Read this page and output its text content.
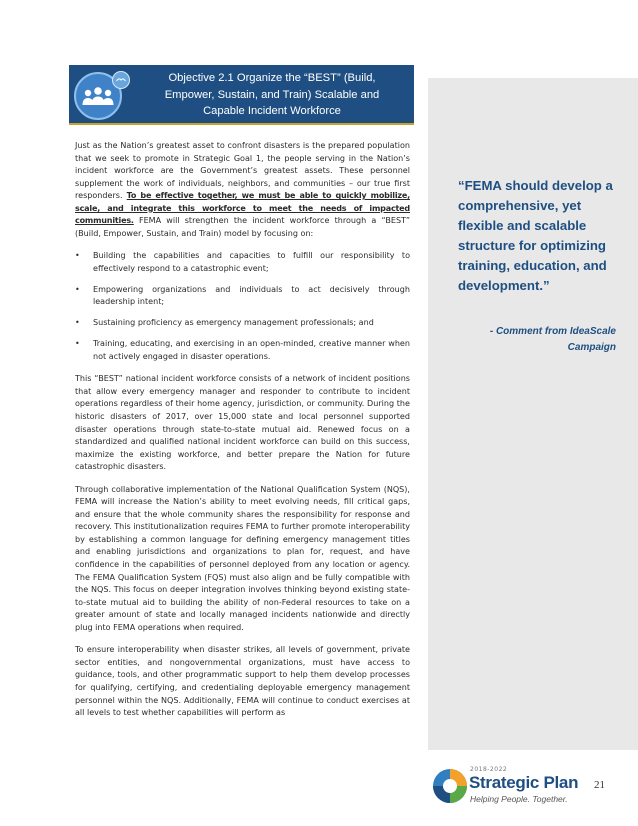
Objective 2.1 Organize the “BEST” (Build, Empower, Sustain, and Train) Scalable and Capable Incident Workforce

Just as the Nation’s greatest asset to confront disasters is the prepared population that we seek to promote in Strategic Goal 1, the people serving in the Nation’s incident workforce are the Government’s greatest assets. These personnel supplement the work of individuals, neighbors, and communities – our true first responders. To be effective together, we must be able to quickly mobilize, scale, and integrate this workforce to meet the needs of impacted communities. FEMA will strengthen the incident workforce through a “BEST” (Build, Empower, Sustain, and Train) model by focusing on:

• Building the capabilities and capacities to fulfill our responsibility to effectively respond to a catastrophic event;
• Empowering organizations and individuals to act decisively through leadership intent;
• Sustaining proficiency as emergency management professionals; and
• Training, educating, and exercising in an open-minded, creative manner when not actively engaged in disaster operations.

This “BEST” national incident workforce consists of a network of incident positions that allow every emergency manager and responder to contribute to incident operations regardless of their home agency, jurisdiction, or community. During the historic disasters of 2017, over 15,000 state and local personnel supported disaster operations through state-to-state mutual aid. Renewed focus on a standardized and qualified national incident workforce can build on this success, maximize the existing workforce, and better prepare the Nation for future catastrophic disasters.

Through collaborative implementation of the National Qualification System (NQS), FEMA will increase the Nation’s ability to meet evolving needs, fill critical gaps, and ensure that the whole community shares the responsibility for response and recovery. This institutionalization requires FEMA to further promote interoperability by establishing a common language for defining emergency management titles and enabling jurisdictions and organizations to plan for, request, and have confidence in the capabilities of personnel deployed from any location or agency. The FEMA Qualification System (FQS) must also align and be fully compatible with the NQS. This focus on deeper integration involves thinking beyond existing state-to-state mutual aid to building the ability of non-Federal resources to take on a greater amount of state and locally managed incidents nationwide and directly plug into FEMA operations when required.

To ensure interoperability when disaster strikes, all levels of government, private sector entities, and nongovernmental organizations, must have access to guidance, tools, and other programmatic support to help them develop processes for qualifying, certifying, and credentialing deployable emergency management personnel within the NQS. Additionally, FEMA will continue to conduct exercises at all levels to test whether capabilities will perform as

“FEMA should develop a comprehensive, yet flexible and scalable structure for optimizing training, education, and development.”
- Comment from IdeaScale Campaign
2018-2022
Strategic Plan
Helping People. Together.
21
